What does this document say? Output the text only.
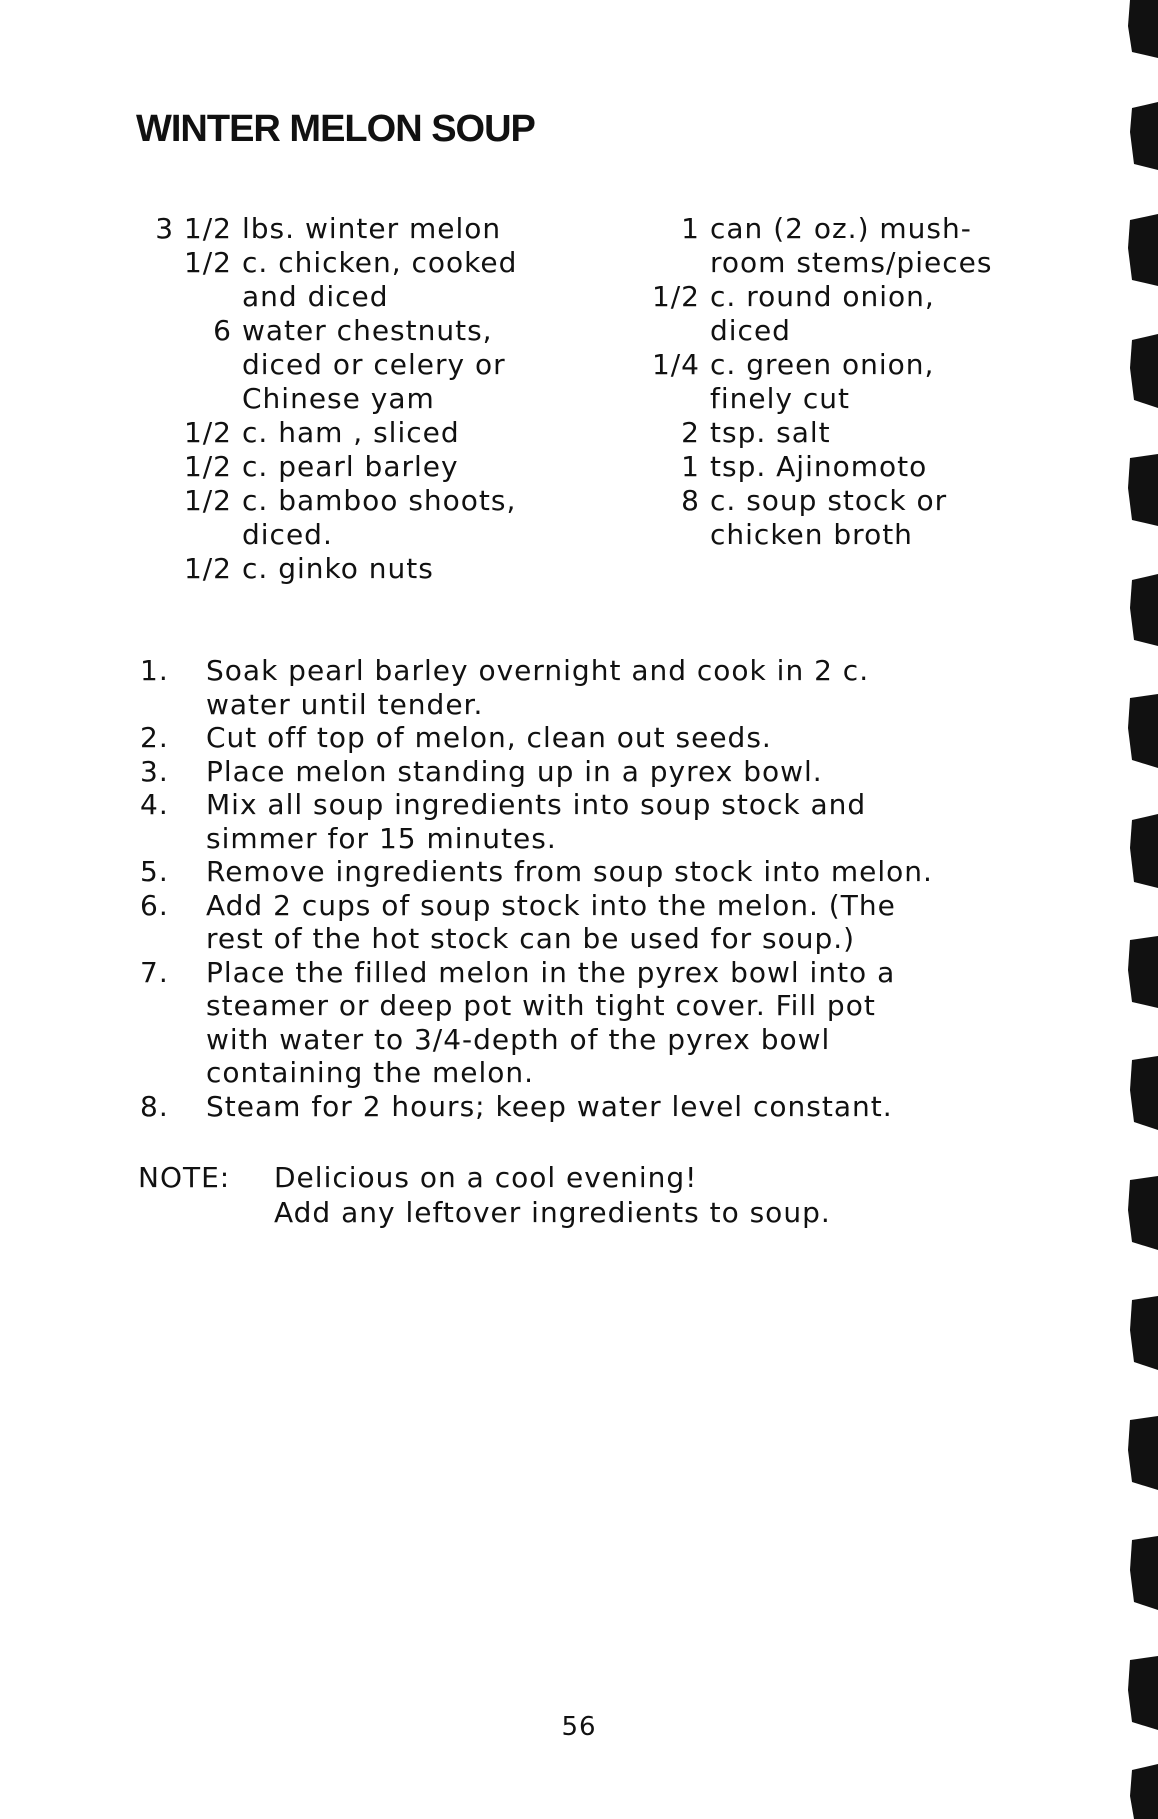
WINTER MELON SOUP
3 1/2 lbs. winter melon
1/2 c. chicken, cooked
and diced
6 water chestnuts,
diced or celery or
Chinese yam
1/2 c. ham , sliced
1/2 c. pearl barley
1/2 c. bamboo shoots,
diced.
1/2 c. ginko nuts
1 can (2 oz.) mush-
room stems/pieces
1/2 c. round onion,
diced
1/4 c. green onion,
finely cut
2 tsp. salt
1 tsp. Ajinomoto
8 c. soup stock or
chicken broth
1.	Soak pearl barley overnight and cook in 2 c.
water until tender.
2.	Cut off top of melon, clean out seeds.
3.	Place melon standing up in a pyrex bowl.
4.	Mix all soup ingredients into soup stock and
simmer for 15 minutes.
5.	Remove ingredients from soup stock into melon.
6.	Add 2 cups of soup stock into the melon. (The
rest of the hot stock can be used for soup.)
7.	Place the filled melon in the pyrex bowl into a
steamer or deep pot with tight cover. Fill pot
with water to 3/4-depth of the pyrex bowl
containing the melon.
8.	Steam for 2 hours; keep water level constant.
NOTE:	Delicious on a cool evening!
Add any leftover ingredients to soup.
56
